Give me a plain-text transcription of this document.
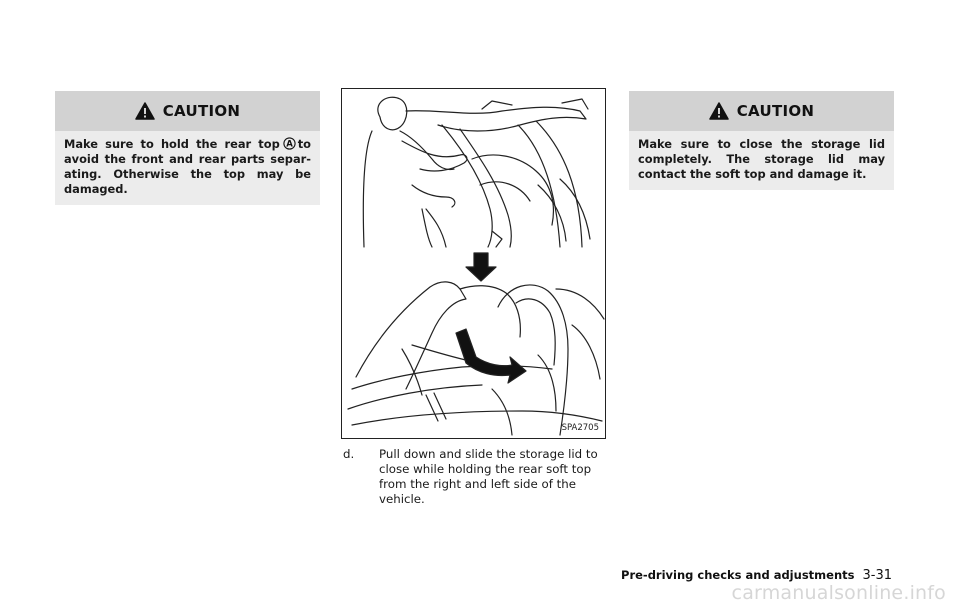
CAUTION
Make sure to hold the rear top A to avoid the front and rear parts separating. Otherwise the top may be damaged.
SPA2705
d. Pull down and slide the storage lid to close while holding the rear soft top from the right and left side of the vehicle.
CAUTION
Make sure to close the storage lid completely. The storage lid may contact the soft top and damage it.
Pre-driving checks and adjustments 3-31
carmanualsonline.info
